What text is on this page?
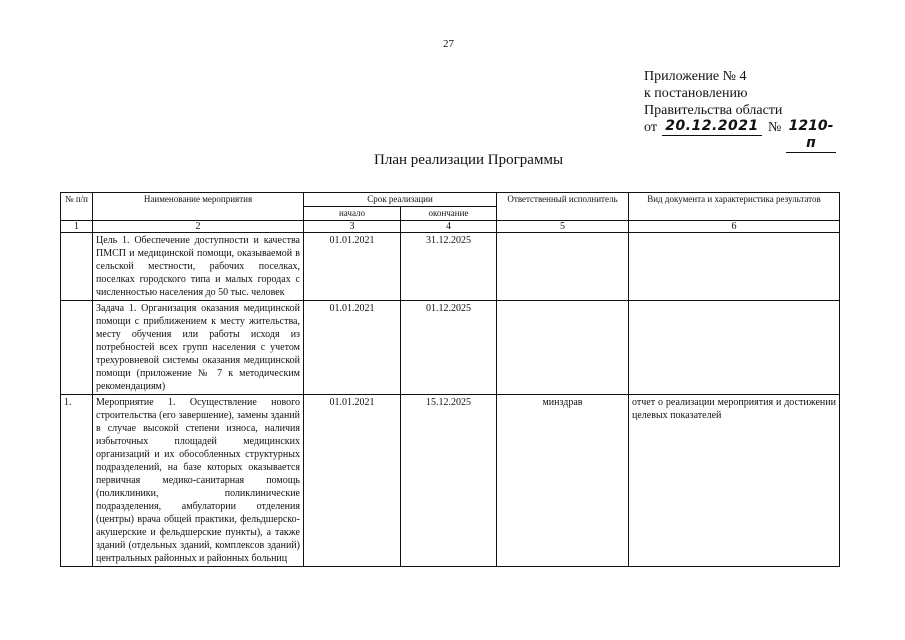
27
Приложение № 4
к постановлению
Правительства области
от 20.12.2021 № 1210-п
План реализации Программы
№ п/п	Наименование мероприятия	Срок реализации		Ответственный исполнитель	Вид документа и характеристика результатов
		начало	окончание		
1	2	3	4	5	6
	Цель 1. Обеспечение доступности и качества ПМСП и медицинской помощи, оказываемой в сельской местности, рабочих поселках, поселках городского типа и малых городах с численностью населения до 50 тыс. человек	01.01.2021	31.12.2025		
	Задача 1. Организация оказания медицинской помощи с приближением к месту жительства, месту обучения или работы исходя из потребностей всех групп населения с учетом трехуровневой системы оказания медицинской помощи (приложение № 7 к методическим рекомендациям)	01.01.2021	01.12.2025		
1.	Мероприятие 1. Осуществление нового строительства (его завершение), замены зданий в случае высокой степени износа, наличия избыточных площадей медицинских организаций и их обособленных структурных подразделений, на базе которых оказывается первичная медико-санитарная помощь (поликлиники, поликлинические подразделения, амбулатории отделения (центры) врача общей практики, фельдшерско-акушерские и фельдшерские пункты), а также зданий (отдельных зданий, комплексов зданий) центральных районных и районных больниц	01.01.2021	15.12.2025	минздрав	отчет о реализации мероприятия и достижении целевых показателей
